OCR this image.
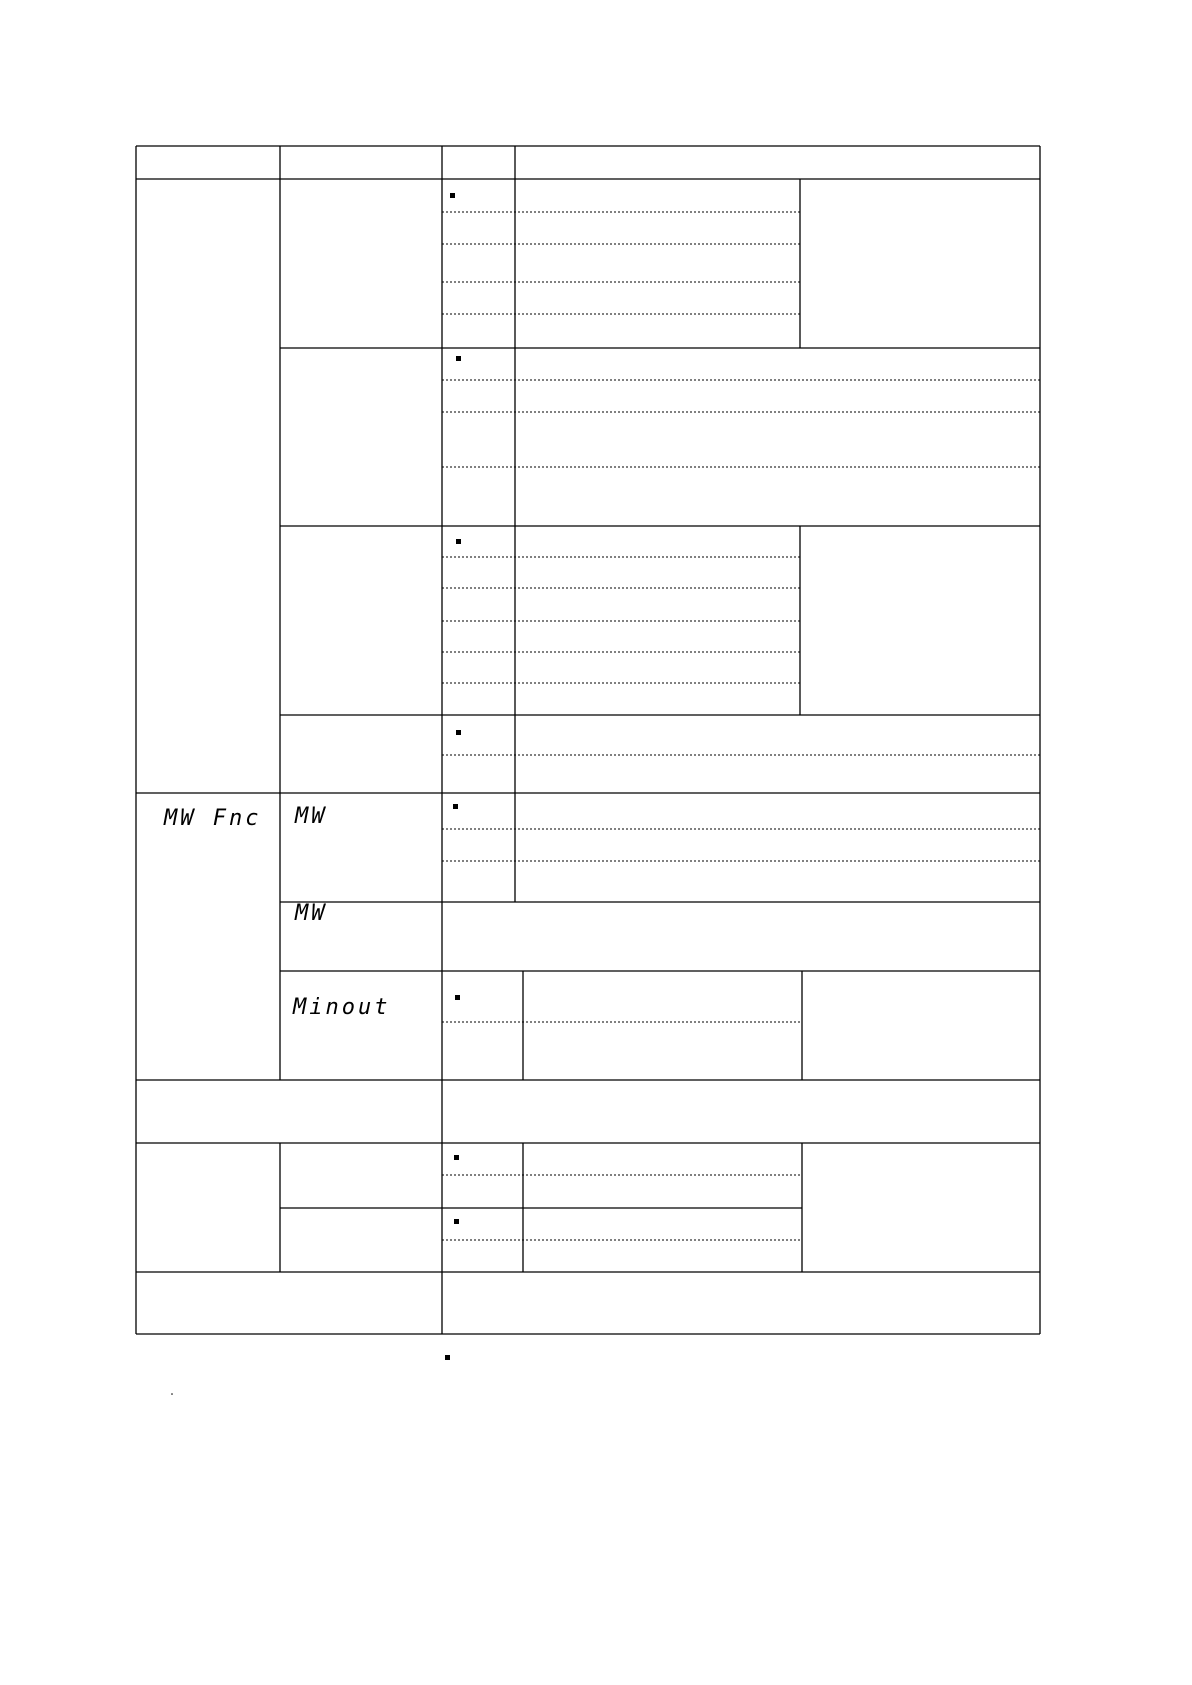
MW Fnc MW
MW
Minout
